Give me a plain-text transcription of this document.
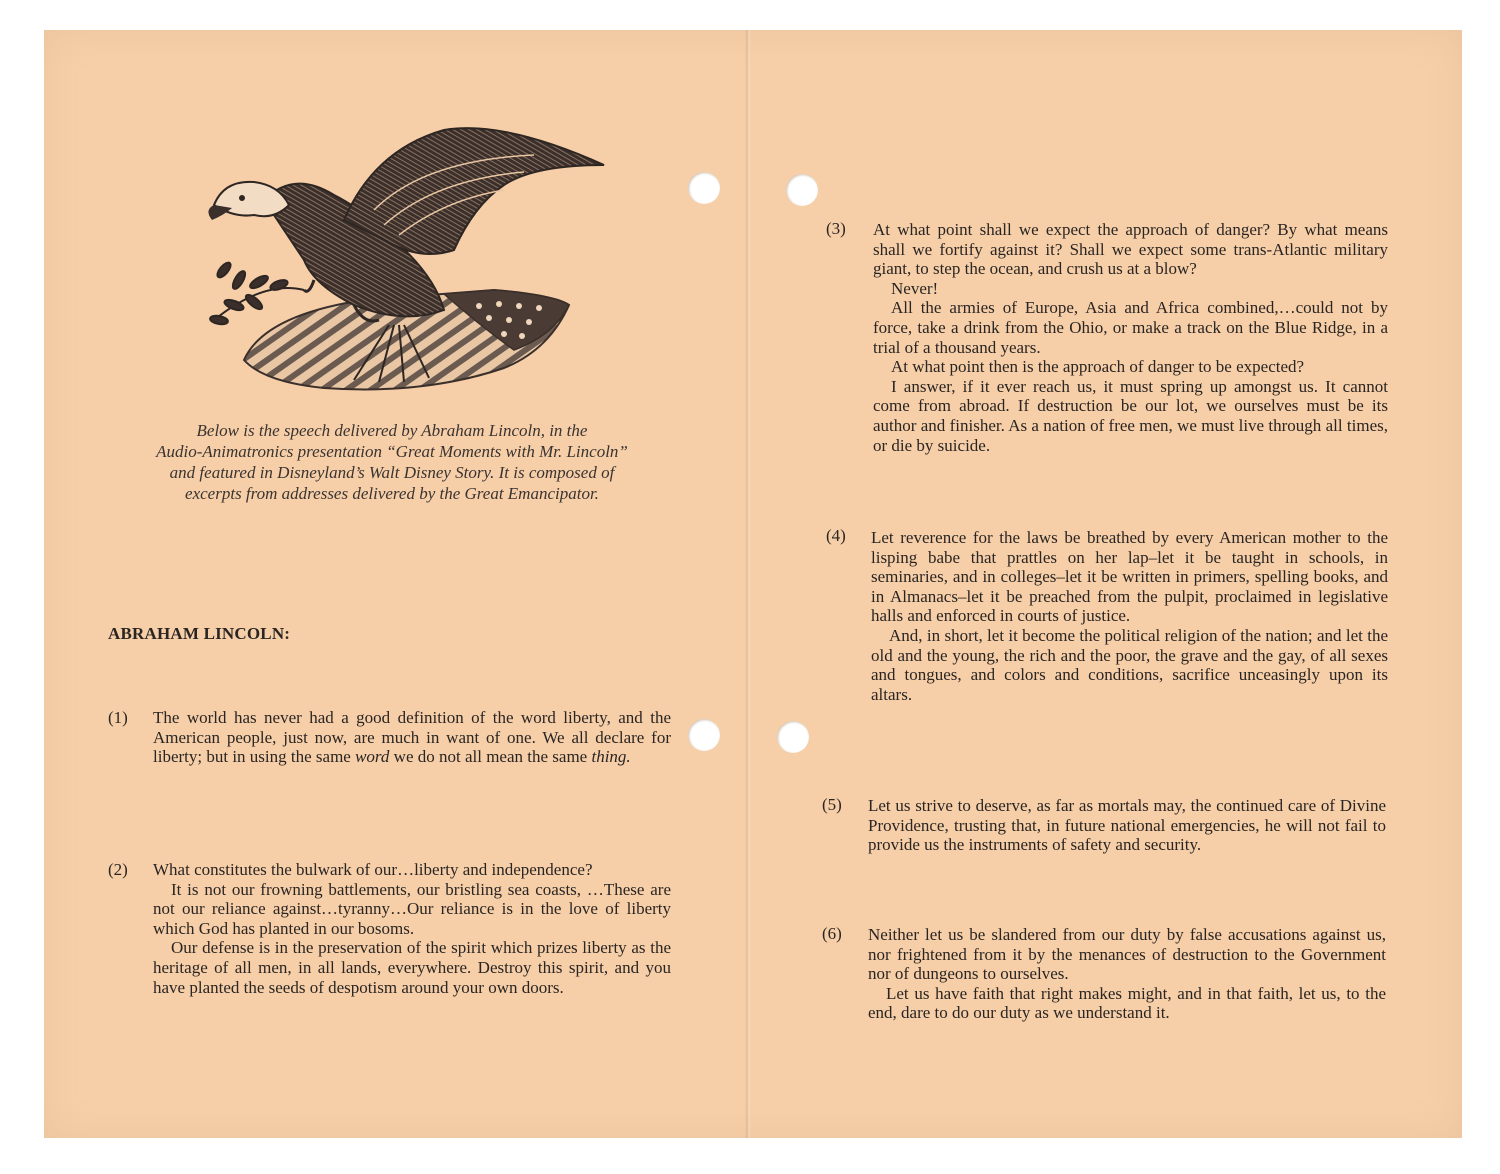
Below is the speech delivered by Abraham Lincoln, in the
Audio-Animatronics presentation “Great Moments with Mr. Lincoln”
and featured in Disneyland’s Walt Disney Story. It is composed of
excerpts from addresses delivered by the Great Emancipator.
ABRAHAM LINCOLN:
(1) The world has never had a good definition of the word liberty, and the American people, just now, are much in want of one. We all declare for liberty; but in using the same word we do not all mean the same thing.

(2) What constitutes the bulwark of our…liberty and independence?

It is not our frowning battlements, our bristling sea coasts, …These are not our reliance against…tyranny…Our reliance is in the love of liberty which God has planted in our bosoms.

Our defense is in the preservation of the spirit which prizes liberty as the heritage of all men, in all lands, everywhere. Destroy this spirit, and you have planted the seeds of despotism around your own doors.

(3) At what point shall we expect the approach of danger? By what means shall we fortify against it? Shall we expect some trans-Atlantic military giant, to step the ocean, and crush us at a blow?

Never!

All the armies of Europe, Asia and Africa combined,…could not by force, take a drink from the Ohio, or make a track on the Blue Ridge, in a trial of a thousand years.

At what point then is the approach of danger to be expected?

I answer, if it ever reach us, it must spring up amongst us. It cannot come from abroad. If destruction be our lot, we ourselves must be its author and finisher. As a nation of free men, we must live through all times, or die by suicide.

(4) Let reverence for the laws be breathed by every American mother to the lisping babe that prattles on her lap–let it be taught in schools, in seminaries, and in colleges–let it be written in primers, spelling books, and in Almanacs–let it be preached from the pulpit, proclaimed in legislative halls and enforced in courts of justice.

And, in short, let it become the political religion of the nation; and let the old and the young, the rich and the poor, the grave and the gay, of all sexes and tongues, and colors and conditions, sacrifice unceasingly upon its altars.

(5) Let us strive to deserve, as far as mortals may, the continued care of Divine Providence, trusting that, in future national emergencies, he will not fail to provide us the instruments of safety and security.

(6) Neither let us be slandered from our duty by false accusations against us, nor frightened from it by the menances of destruction to the Government nor of dungeons to ourselves.

Let us have faith that right makes might, and in that faith, let us, to the end, dare to do our duty as we understand it.
